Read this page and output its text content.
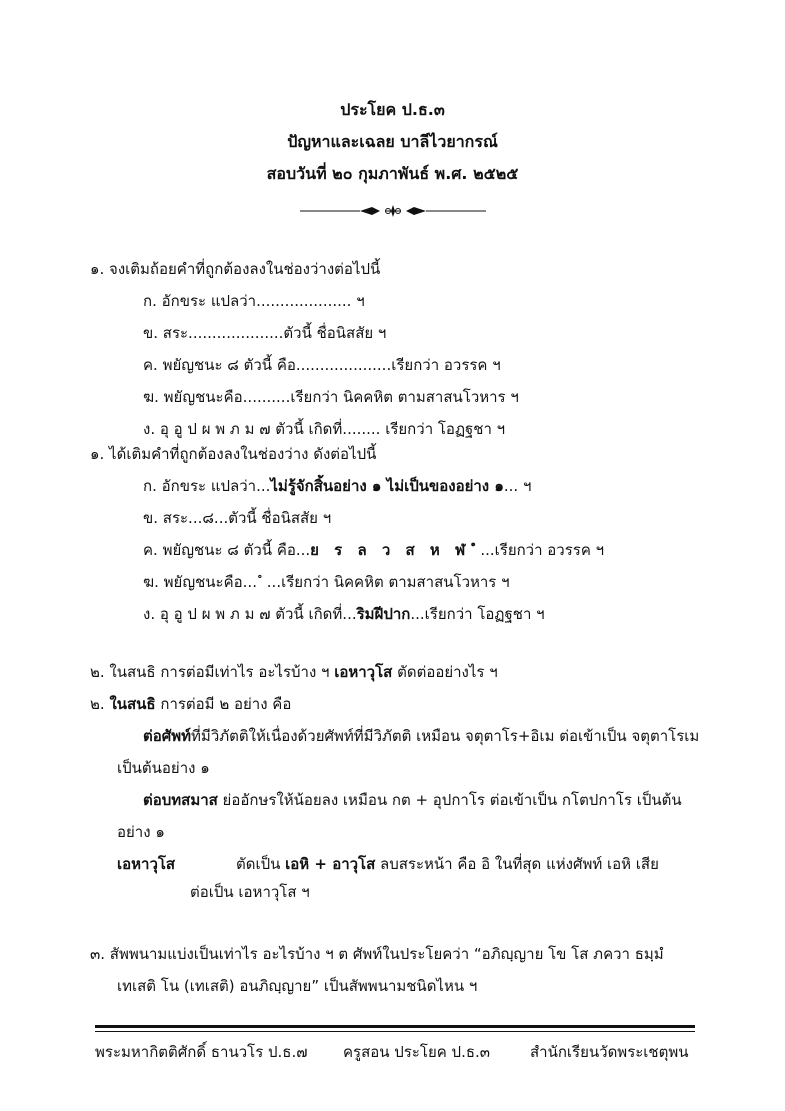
ประโยค ป.ธ.๓
ปัญหาและเฉลย บาลีไวยากรณ์
สอบวันที่ ๒๐ กุมภาพันธ์ พ.ศ. ๒๕๒๕
๑. จงเติมถ้อยคำที่ถูกต้องลงในช่องว่างต่อไปนี้
ก. อักขระ แปลว่า.................... ฯ
ข. สระ....................ตัวนี้ ชื่อนิสสัย ฯ
ค. พยัญชนะ ๘ ตัวนี้ คือ....................เรียกว่า อวรรค ฯ
ฆ. พยัญชนะคือ..........เรียกว่า นิคคหิต ตามสาสนโวหาร ฯ
ง. อุ อู ป ผ พ ภ ม ๗ ตัวนี้ เกิดที่........ เรียกว่า โอฏฐชา ฯ
๑. ได้เติมคำที่ถูกต้องลงในช่องว่าง ดังต่อไปนี้
ก. อักขระ แปลว่า...ไม่รู้จักสิ้นอย่าง ๑ ไม่เป็นของอย่าง ๑... ฯ
ข. สระ...๘...ตัวนี้ ชื่อนิสสัย ฯ
ค. พยัญชนะ ๘ ตัวนี้ คือ...ย ร ล ว ส ห ฬ ํ...เรียกว่า อวรรค ฯ
ฆ. พยัญชนะคือ... ํ ...เรียกว่า นิคคหิต ตามสาสนโวหาร ฯ
ง. อุ อู ป ผ พ ภ ม ๗ ตัวนี้ เกิดที่...ริมฝีปาก...เรียกว่า โอฏฐชา ฯ
๒. ในสนธิ การต่อมีเท่าไร อะไรบ้าง ฯ เอหาวุโส ตัดต่ออย่างไร ฯ
๒. ในสนธิ การต่อมี ๒ อย่าง คือ
ต่อศัพท์ที่มีวิภัตติให้เนื่องด้วยศัพท์ที่มีวิภัตติ เหมือน จตุตาโร+อิเม ต่อเข้าเป็น จตุตาโรเม
เป็นต้นอย่าง ๑
ต่อบทสมาส ย่ออักษรให้น้อยลง เหมือน กต + อุปกาโร ต่อเข้าเป็น กโตปกาโร เป็นต้น
อย่าง ๑
เอหาวุโส	ตัดเป็น เอหิ + อาวุโส ลบสระหน้า คือ อิ ในที่สุด แห่งศัพท์ เอหิ เสีย
ต่อเป็น เอหาวุโส ฯ
๓. สัพพนามแบ่งเป็นเท่าไร อะไรบ้าง ฯ ต ศัพท์ในประโยคว่า “อภิญฺญาย โข โส ภควา ธมฺมํ
เทเสติ โน (เทเสติ) อนภิญฺญาย” เป็นสัพพนามชนิดไหน ฯ
พระมหากิตติศักดิ์ ธานวโร ป.ธ.๗ ครูสอน ประโยค ป.ธ.๓	สำนักเรียนวัดพระเชตุพน
